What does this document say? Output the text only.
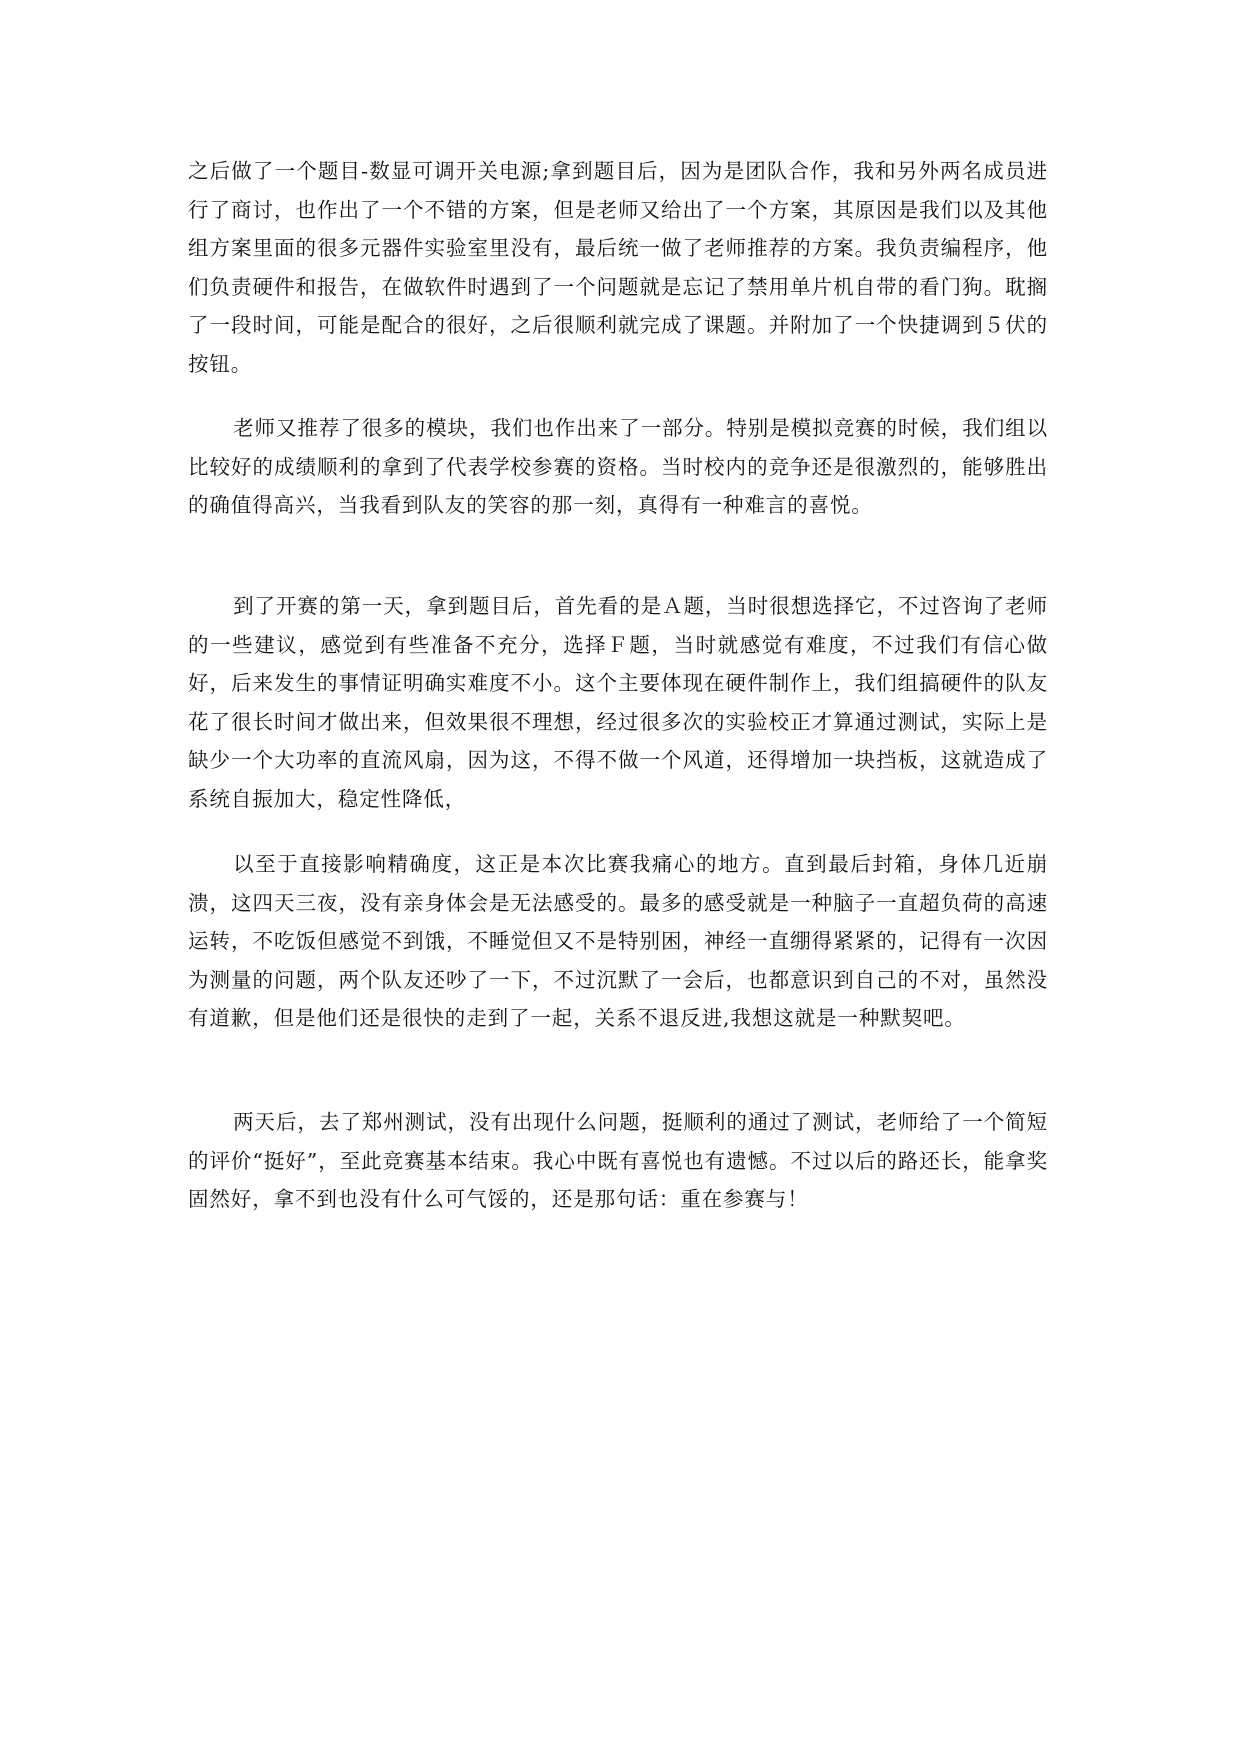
之后做了一个题目-数显可调开关电源;拿到题目后，因为是团队合作，我和另外两名成员进行了商讨，也作出了一个不错的方案，但是老师又给出了一个方案，其原因是我们以及其他组方案里面的很多元器件实验室里没有，最后统一做了老师推荐的方案。我负责编程序，他们负责硬件和报告，在做软件时遇到了一个问题就是忘记了禁用单片机自带的看门狗。耽搁了一段时间，可能是配合的很好，之后很顺利就完成了课题。并附加了一个快捷调到５伏的按钮。

老师又推荐了很多的模块，我们也作出来了一部分。特别是模拟竞赛的时候，我们组以比较好的成绩顺利的拿到了代表学校参赛的资格。当时校内的竞争还是很激烈的，能够胜出的确值得高兴，当我看到队友的笑容的那一刻，真得有一种难言的喜悦。

到了开赛的第一天，拿到题目后，首先看的是Ａ题，当时很想选择它，不过咨询了老师的一些建议，感觉到有些准备不充分，选择Ｆ题，当时就感觉有难度，不过我们有信心做好，后来发生的事情证明确实难度不小。这个主要体现在硬件制作上，我们组搞硬件的队友花了很长时间才做出来，但效果很不理想，经过很多次的实验校正才算通过测试，实际上是缺少一个大功率的直流风扇，因为这，不得不做一个风道，还得增加一块挡板，这就造成了系统自振加大，稳定性降低，

以至于直接影响精确度，这正是本次比赛我痛心的地方。直到最后封箱，身体几近崩溃，这四天三夜，没有亲身体会是无法感受的。最多的感受就是一种脑子一直超负荷的高速运转，不吃饭但感觉不到饿，不睡觉但又不是特别困，神经一直绷得紧紧的，记得有一次因为测量的问题，两个队友还吵了一下，不过沉默了一会后，也都意识到自己的不对，虽然没有道歉，但是他们还是很快的走到了一起，关系不退反进,我想这就是一种默契吧。

两天后，去了郑州测试，没有出现什么问题，挺顺利的通过了测试，老师给了一个简短的评价“挺好”，至此竞赛基本结束。我心中既有喜悦也有遗憾。不过以后的路还长，能拿奖固然好，拿不到也没有什么可气馁的，还是那句话：重在参赛与！
